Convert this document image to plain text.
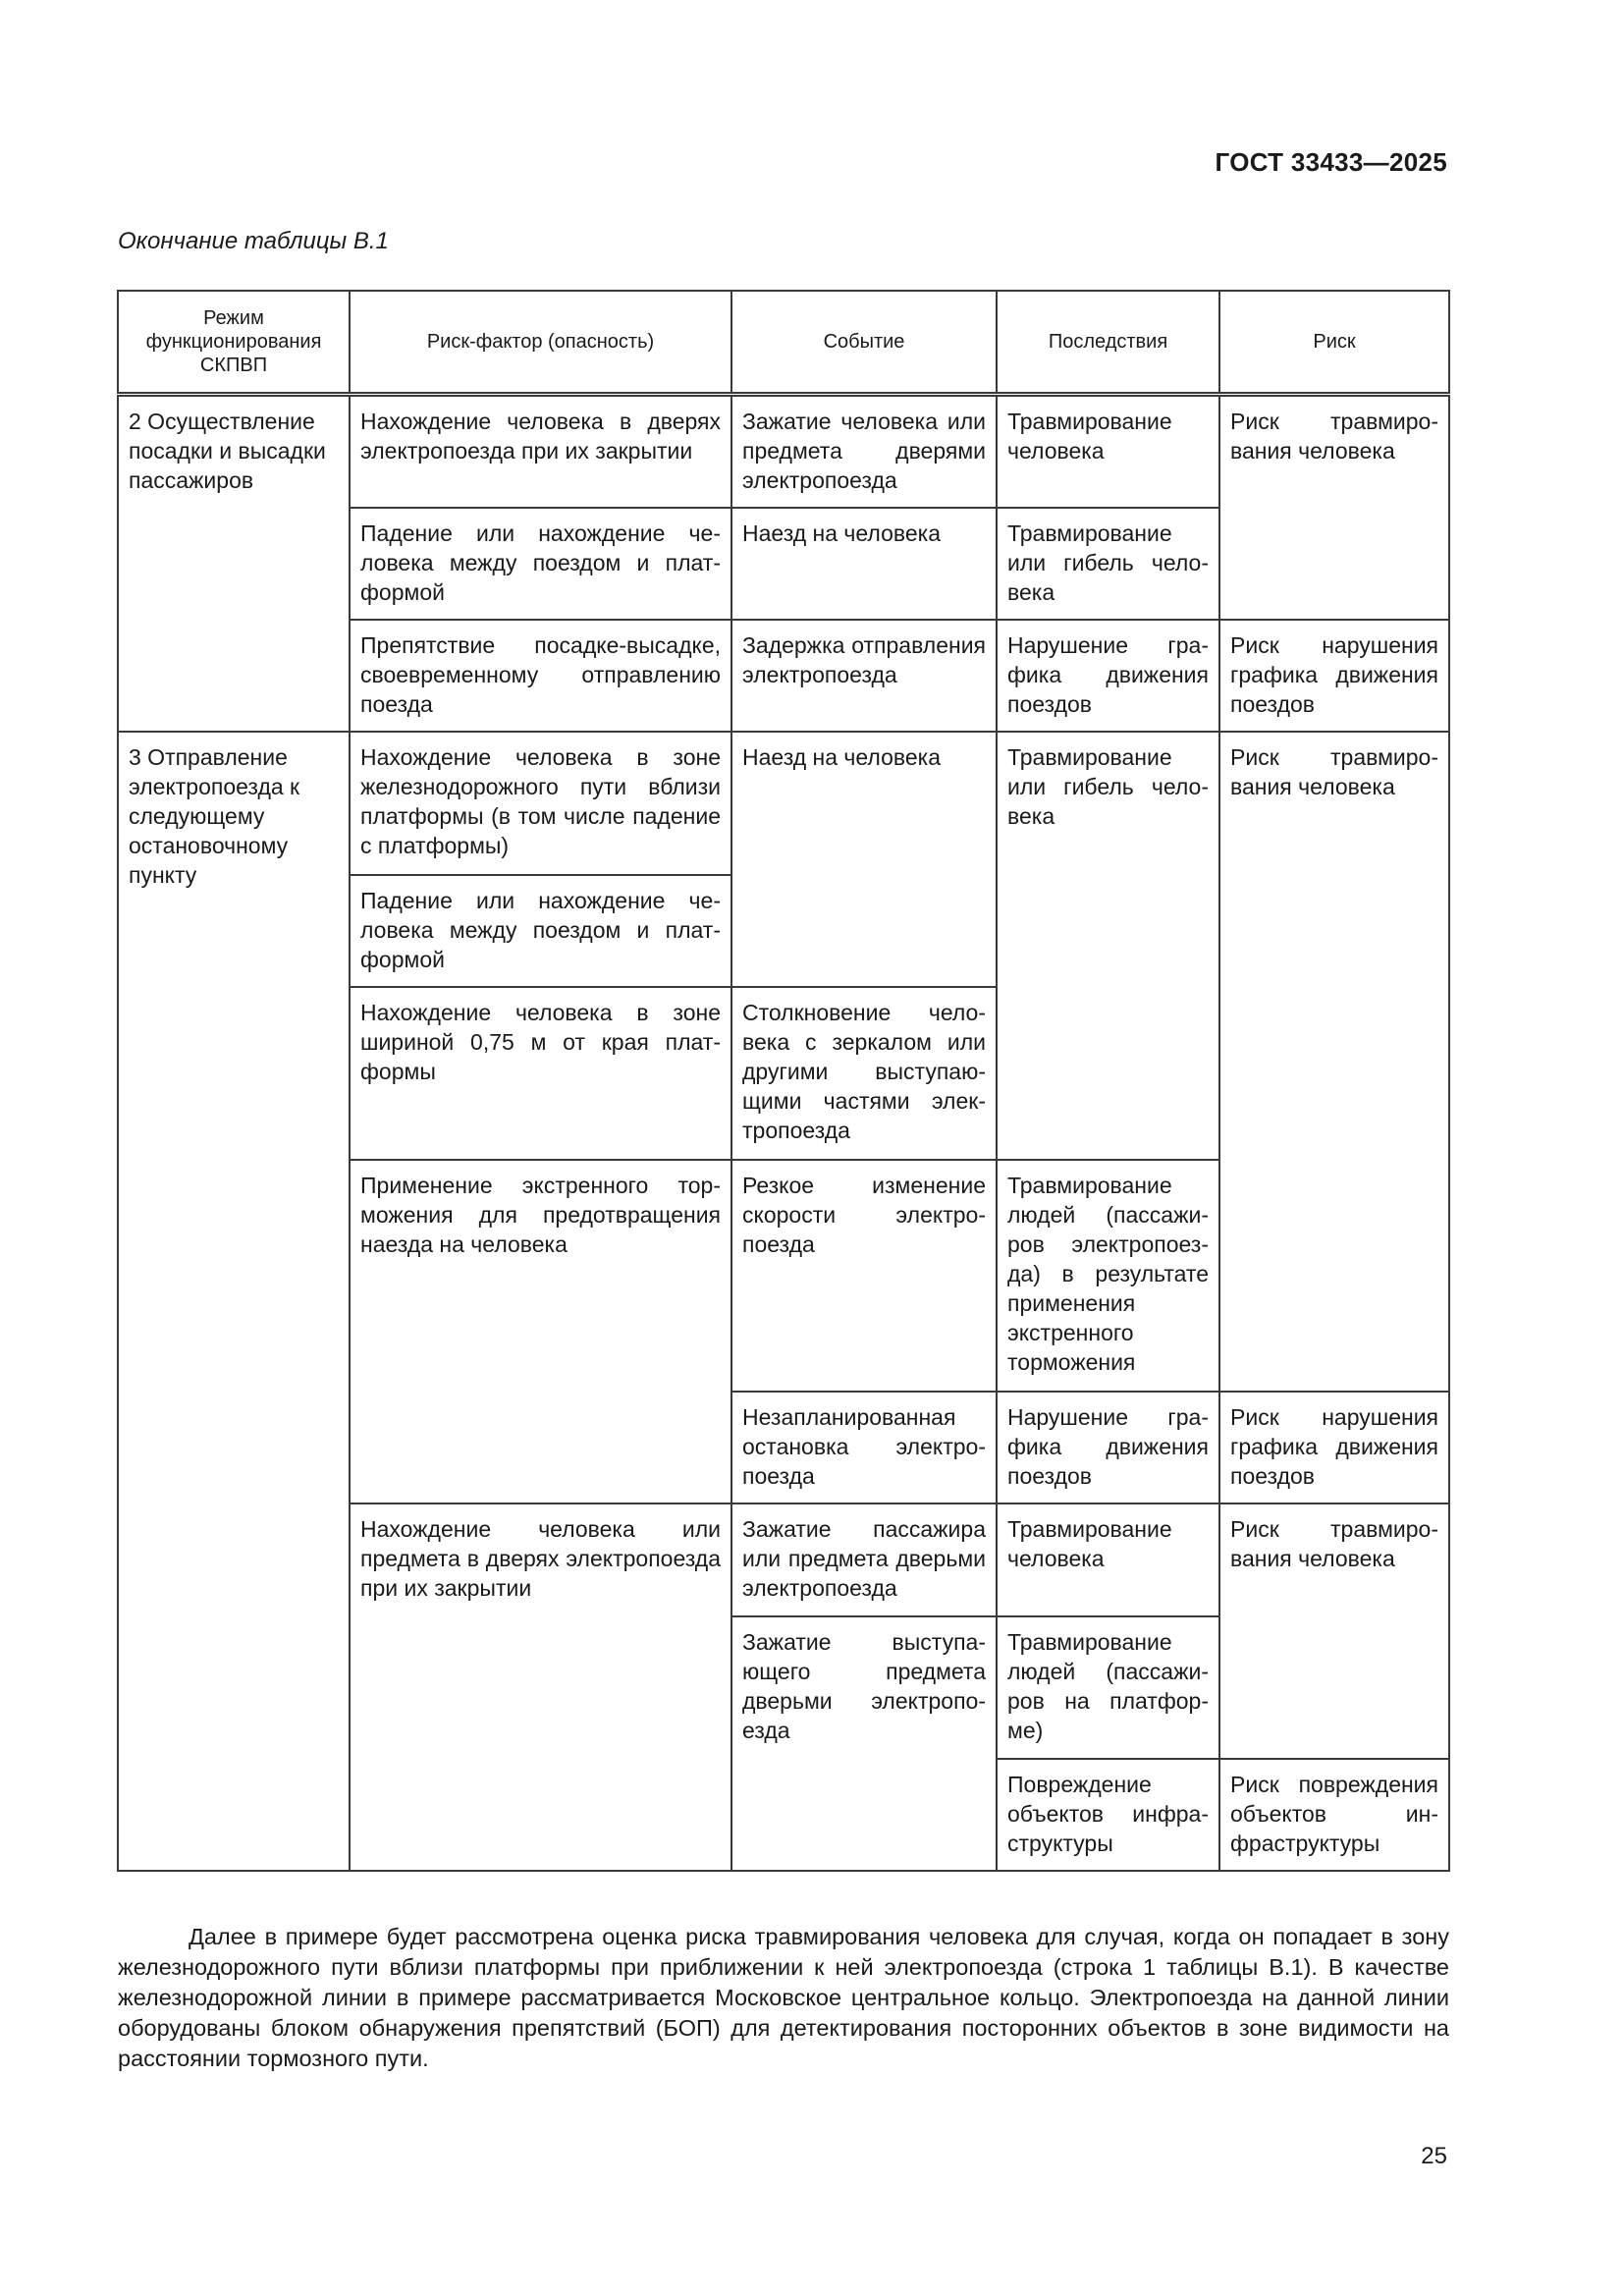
ГОСТ 33433—2025
Окончание таблицы В.1
Режим функционирования СКПВП	Риск-фактор (опасность)	Событие	Последствия	Риск
2 Осуществление посадки и высадки пассажиров	Нахождение человека в дверях электропоезда при их закрытии	Зажатие человека или предмета дверями электропоезда	Травмирование человека	Риск травмирования человека
	Падение или нахождение человека между поездом и платформой	Наезд на человека	Травмирование или гибель человека	
	Препятствие посадке-высадке, своевременному отправлению поезда	Задержка отправления электропоезда	Нарушение графика движения поездов	Риск нарушения графика движения поездов
3 Отправление электропоезда к следующему остановочному пункту	Нахождение человека в зоне железнодорожного пути вблизи платформы (в том числе падение с платформы)	Наезд на человека	Травмирование или гибель человека	Риск травмирования человека
	Падение или нахождение человека между поездом и платформой			
	Нахождение человека в зоне шириной 0,75 м от края платформы	Столкновение человека с зеркалом или другими выступающими частями электропоезда		
	Применение экстренного торможения для предотвращения наезда на человека	Резкое изменение скорости электропоезда	Травмирование людей (пассажиров электропоезда) в результате применения экстренного торможения	
		Незапланированная остановка электропоезда	Нарушение графика движения поездов	Риск нарушения графика движения поездов
	Нахождение человека или предмета в дверях электропоезда при их закрытии	Зажатие пассажира или предмета дверьми электропоезда	Травмирование человека	Риск травмирования человека
		Зажатие выступающего предмета дверьми электропоезда	Травмирование людей (пассажиров на платформе)	
			Повреждение объектов инфраструктуры	Риск повреждения объектов инфраструктуры

Далее в примере будет рассмотрена оценка риска травмирования человека для случая, когда он попадает в зону железнодорожного пути вблизи платформы при приближении к ней электропоезда (строка 1 таблицы В.1). В качестве железнодорожной линии в примере рассматривается Московское центральное кольцо. Электропоезда на данной линии оборудованы блоком обнаружения препятствий (БОП) для детектирования посторонних объектов в зоне видимости на расстоянии тормозного пути.

25
